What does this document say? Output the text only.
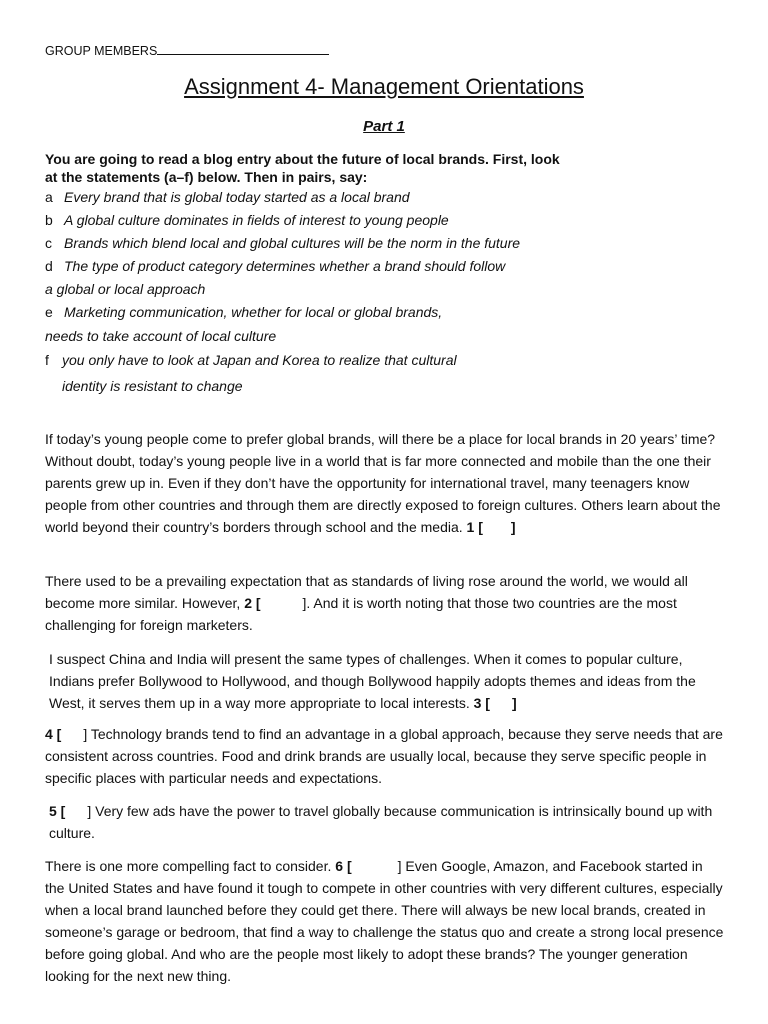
GROUP MEMBERS
Assignment 4- Management Orientations
Part 1
You are going to read a blog entry about the future of local brands. First, look at the statements (a–f) below. Then in pairs, say:
a Every brand that is global today started as a local brand
b A global culture dominates in fields of interest to young people
c Brands which blend local and global cultures will be the norm in the future
d The type of product category determines whether a brand should follow
a global or local approach
e Marketing communication, whether for local or global brands,
needs to take account of local culture
f you only have to look at Japan and Korea to realize that cultural
identity is resistant to change
If today’s young people come to prefer global brands, will there be a place for local brands in 20 years’ time? Without doubt, today’s young people live in a world that is far more connected and mobile than the one their parents grew up in. Even if they don’t have the opportunity for international travel, many teenagers know people from other countries and through them are directly exposed to foreign cultures. Others learn about the world beyond their country’s borders through school and the media. 1 [ ]
There used to be a prevailing expectation that as standards of living rose around the world, we would all become more similar. However, 2 [	]. And it is worth noting that those two countries are the most challenging for foreign marketers.
I suspect China and India will present the same types of challenges. When it comes to popular culture, Indians prefer Bollywood to Hollywood, and though Bollywood happily adopts themes and ideas from the West, it serves them up in a way more appropriate to local interests. 3 [ ]
4 [ ] Technology brands tend to find an advantage in a global approach, because they serve needs that are consistent across countries. Food and drink brands are usually local, because they serve specific people in specific places with particular needs and expectations.
5 [ ] Very few ads have the power to travel globally because communication is intrinsically bound up with culture.
There is one more compelling fact to consider. 6 [	] Even Google, Amazon, and Facebook started in the United States and have found it tough to compete in other countries with very different cultures, especially when a local brand launched before they could get there. There will always be new local brands, created in someone’s garage or bedroom, that find a way to challenge the status quo and create a strong local presence before going global. And who are the people most likely to adopt these brands? The younger generation looking for the next new thing.
